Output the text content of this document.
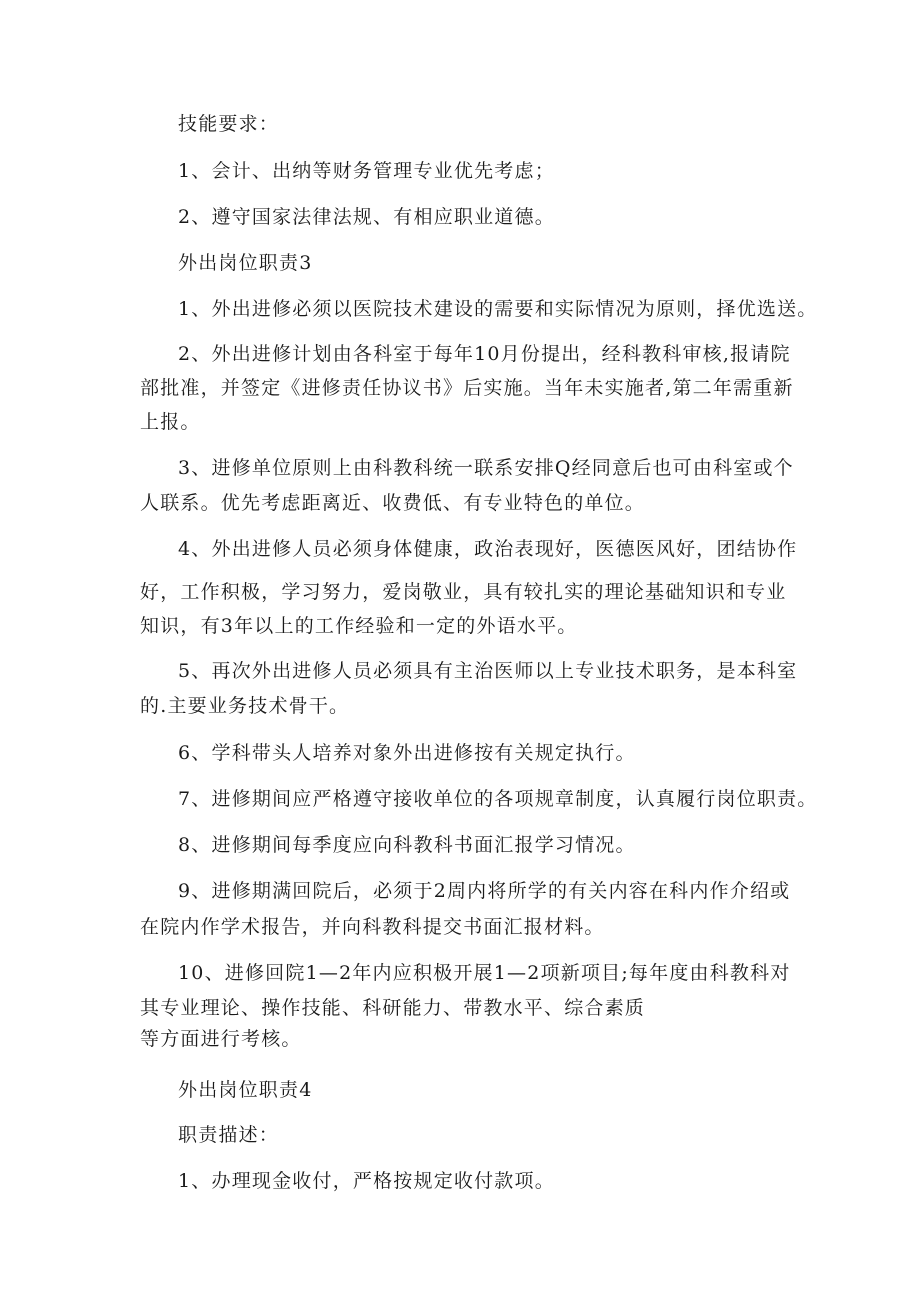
技能要求：
1、会计、出纳等财务管理专业优先考虑；
2、遵守国家法律法规、有相应职业道德。
外出岗位职责3
1、外出进修必须以医院技术建设的需要和实际情况为原则，择优选送。
2、外出进修计划由各科室于每年10月份提出，经科教科审核,报请院
部批准，并签定《进修责任协议书》后实施。当年未实施者,第二年需重新
上报。
3、进修单位原则上由科教科统一联系安排Q经同意后也可由科室或个
人联系。优先考虑距离近、收费低、有专业特色的单位。
4、外出进修人员必须身体健康，政治表现好，医德医风好，团结协作
好，工作积极，学习努力，爱岗敬业，具有较扎实的理论基础知识和专业
知识，有3年以上的工作经验和一定的外语水平。
5、再次外出进修人员必须具有主治医师以上专业技术职务，是本科室
的.主要业务技术骨干。
6、学科带头人培养对象外出进修按有关规定执行。
7、进修期间应严格遵守接收单位的各项规章制度，认真履行岗位职责。
8、进修期间每季度应向科教科书面汇报学习情况。
9、进修期满回院后，必须于2周内将所学的有关内容在科内作介绍或
在院内作学术报告，并向科教科提交书面汇报材料。
10、进修回院1—2年内应积极开展1—2项新项目;每年度由科教科对
其专业理论、操作技能、科研能力、带教水平、综合素质
等方面进行考核。
外出岗位职责4
职责描述：
1、办理现金收付，严格按规定收付款项。
